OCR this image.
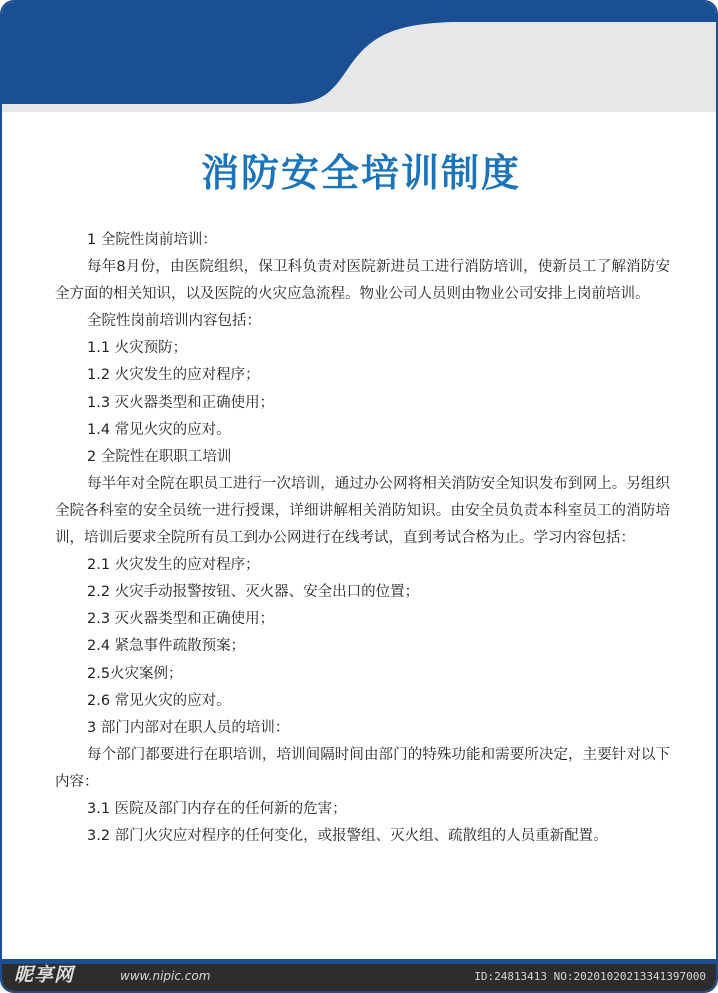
消防安全培训制度

1 全院性岗前培训：

每年8月份，由医院组织，保卫科负责对医院新进员工进行消防培训，使新员工了解消防安全方面的相关知识，以及医院的火灾应急流程。物业公司人员则由物业公司安排上岗前培训。

全院性岗前培训内容包括：

1.1 火灾预防；

1.2 火灾发生的应对程序；

1.3 灭火器类型和正确使用；

1.4 常见火灾的应对。

2 全院性在职职工培训

每半年对全院在职员工进行一次培训，通过办公网将相关消防安全知识发布到网上。另组织全院各科室的安全员统一进行授课，详细讲解相关消防知识。由安全员负责本科室员工的消防培训，培训后要求全院所有员工到办公网进行在线考试，直到考试合格为止。学习内容包括：

2.1 火灾发生的应对程序；

2.2 火灾手动报警按钮、灭火器、安全出口的位置；

2.3 灭火器类型和正确使用；

2.4 紧急事件疏散预案；

2.5火灾案例；

2.6 常见火灾的应对。

3 部门内部对在职人员的培训：

每个部门都要进行在职培训，培训间隔时间由部门的特殊功能和需要所决定，主要针对以下内容：

3.1 医院及部门内存在的任何新的危害；

3.2 部门火灾应对程序的任何变化，或报警组、灭火组、疏散组的人员重新配置。

昵享网	www.nipic.com	ID:24813413 NO:20201020213341397000
